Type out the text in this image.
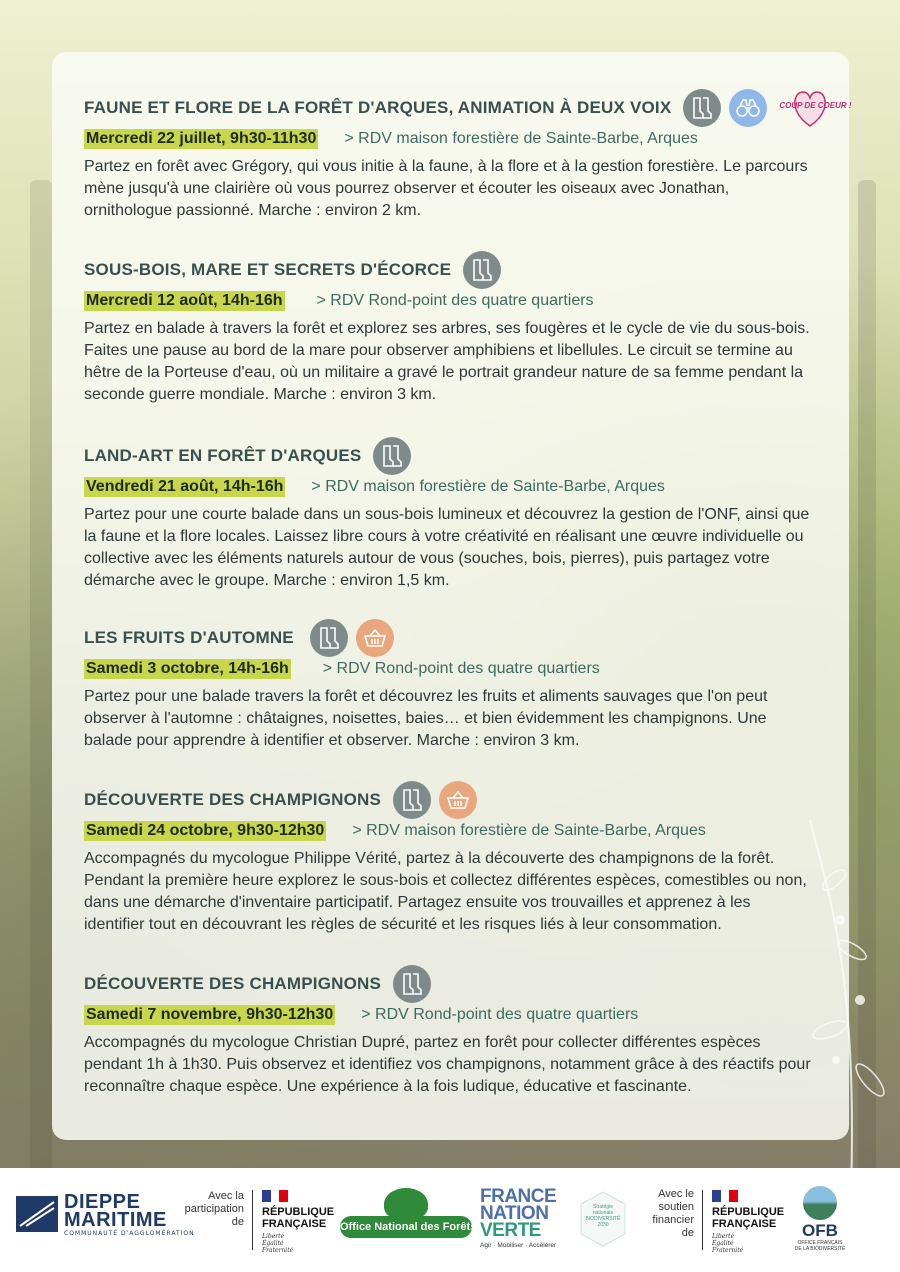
FAUNE ET FLORE DE LA FORÊT D'ARQUES, ANIMATION À DEUX VOIX	COUP DE COEUR !
Mercredi 22 juillet, 9h30-11h30 > RDV maison forestière de Sainte-Barbe, Arques
Partez en forêt avec Grégory, qui vous initie à la faune, à la flore et à la gestion forestière. Le parcours mène jusqu'à une clairière où vous pourrez observer et écouter les oiseaux avec Jonathan, ornithologue passionné. Marche : environ 2 km.
SOUS-BOIS, MARE ET SECRETS D'ÉCORCE
Mercredi 12 août, 14h-16h > RDV Rond-point des quatre quartiers
Partez en balade à travers la forêt et explorez ses arbres, ses fougères et le cycle de vie du sous-bois. Faites une pause au bord de la mare pour observer amphibiens et libellules. Le circuit se termine au hêtre de la Porteuse d'eau, où un militaire a gravé le portrait grandeur nature de sa femme pendant la seconde guerre mondiale. Marche : environ 3 km.
LAND-ART EN FORÊT D'ARQUES
Vendredi 21 août, 14h-16h > RDV maison forestière de Sainte-Barbe, Arques
Partez pour une courte balade dans un sous-bois lumineux et découvrez la gestion de l'ONF, ainsi que la faune et la flore locales. Laissez libre cours à votre créativité en réalisant une œuvre individuelle ou collective avec les éléments naturels autour de vous (souches, bois, pierres), puis partagez votre démarche avec le groupe. Marche : environ 1,5 km.
LES FRUITS D'AUTOMNE
Samedi 3 octobre, 14h-16h > RDV Rond-point des quatre quartiers
Partez pour une balade travers la forêt et découvrez les fruits et aliments sauvages que l'on peut observer à l'automne : châtaignes, noisettes, baies… et bien évidemment les champignons. Une balade pour apprendre à identifier et observer. Marche : environ 3 km.
DÉCOUVERTE DES CHAMPIGNONS
Samedi 24 octobre, 9h30-12h30 > RDV maison forestière de Sainte-Barbe, Arques
Accompagnés du mycologue Philippe Vérité, partez à la découverte des champignons de la forêt. Pendant la première heure explorez le sous-bois et collectez différentes espèces, comestibles ou non, dans une démarche d'inventaire participatif. Partagez ensuite vos trouvailles et apprenez à les identifier tout en découvrant les règles de sécurité et les risques liés à leur consommation.
DÉCOUVERTE DES CHAMPIGNONS
Samedi 7 novembre, 9h30-12h30 > RDV Rond-point des quatre quartiers
Accompagnés du mycologue Christian Dupré, partez en forêt pour collecter différentes espèces pendant 1h à 1h30. Puis observez et identifiez vos champignons, notamment grâce à des réactifs pour reconnaître chaque espèce. Une expérience à la fois ludique, éducative et fascinante.
DIEPPE
MARITIME
COMMUNAUTÉ D'AGGLOMÉRATION
Avec la
participation
de
RÉPUBLIQUE
FRANÇAISE
Liberté
Égalité
Fraternité
Office National des Forêts
FRANCE
NATION
VERTE
Agir · Mobiliser · Accélérer
Stratégie
nationale
BIODIVERSITÉ
2030
Avec le
soutien
financier
de
RÉPUBLIQUE
FRANÇAISE
Liberté
Égalité
Fraternité
OFB
OFFICE FRANÇAIS
DE LA BIODIVERSITÉ
